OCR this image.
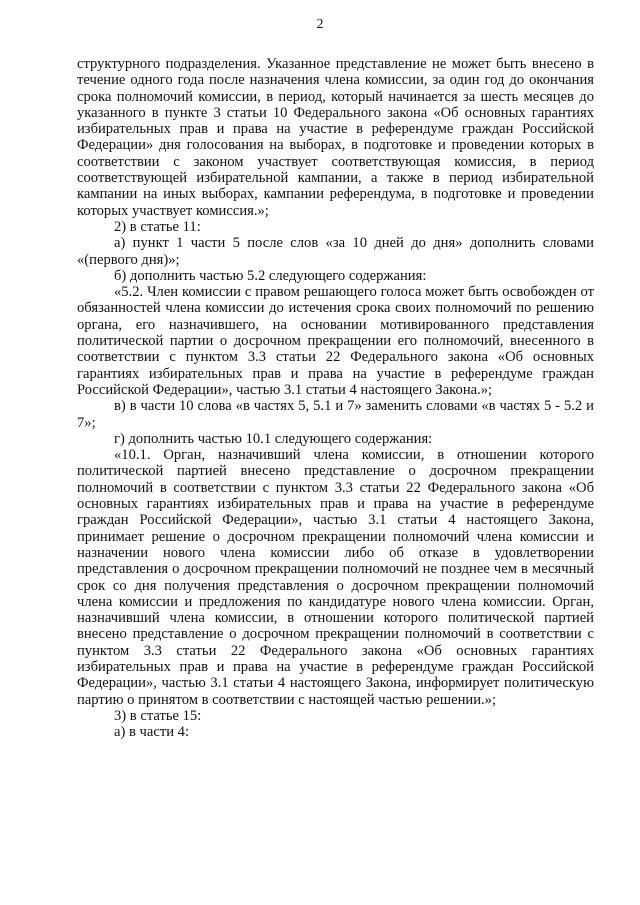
2

структурного подразделения. Указанное представление не может быть внесено в течение одного года после назначения члена комиссии, за один год до окончания срока полномочий комиссии, в период, который начинается за шесть месяцев до указанного в пункте 3 статьи 10 Федерального закона «Об основных гарантиях избирательных прав и права на участие в референдуме граждан Российской Федерации» дня голосования на выборах, в подготовке и проведении которых в соответствии с законом участвует соответствующая комиссия, в период соответствующей избирательной кампании, а также в период избирательной кампании на иных выборах, кампании референдума, в подготовке и проведении которых участвует комиссия.»;

2) в статье 11:

а) пункт 1 части 5 после слов «за 10 дней до дня» дополнить словами «(первого дня)»;

б) дополнить частью 5.2 следующего содержания:

«5.2. Член комиссии с правом решающего голоса может быть освобожден от обязанностей члена комиссии до истечения срока своих полномочий по решению органа, его назначившего, на основании мотивированного представления политической партии о досрочном прекращении его полномочий, внесенного в соответствии с пунктом 3.3 статьи 22 Федерального закона «Об основных гарантиях избирательных прав и права на участие в референдуме граждан Российской Федерации», частью 3.1 статьи 4 настоящего Закона.»;

в) в части 10 слова «в частях 5, 5.1 и 7» заменить словами «в частях 5 - 5.2 и 7»;

г) дополнить частью 10.1 следующего содержания:

«10.1. Орган, назначивший члена комиссии, в отношении которого политической партией внесено представление о досрочном прекращении полномочий в соответствии с пунктом 3.3 статьи 22 Федерального закона «Об основных гарантиях избирательных прав и права на участие в референдуме граждан Российской Федерации», частью 3.1 статьи 4 настоящего Закона, принимает решение о досрочном прекращении полномочий члена комиссии и назначении нового члена комиссии либо об отказе в удовлетворении представления о досрочном прекращении полномочий не позднее чем в месячный срок со дня получения представления о досрочном прекращении полномочий члена комиссии и предложения по кандидатуре нового члена комиссии. Орган, назначивший члена комиссии, в отношении которого политической партией внесено представление о досрочном прекращении полномочий в соответствии с пунктом 3.3 статьи 22 Федерального закона «Об основных гарантиях избирательных прав и права на участие в референдуме граждан Российской Федерации», частью 3.1 статьи 4 настоящего Закона, информирует политическую партию о принятом в соответствии с настоящей частью решении.»;

3) в статье 15:

а) в части 4:
